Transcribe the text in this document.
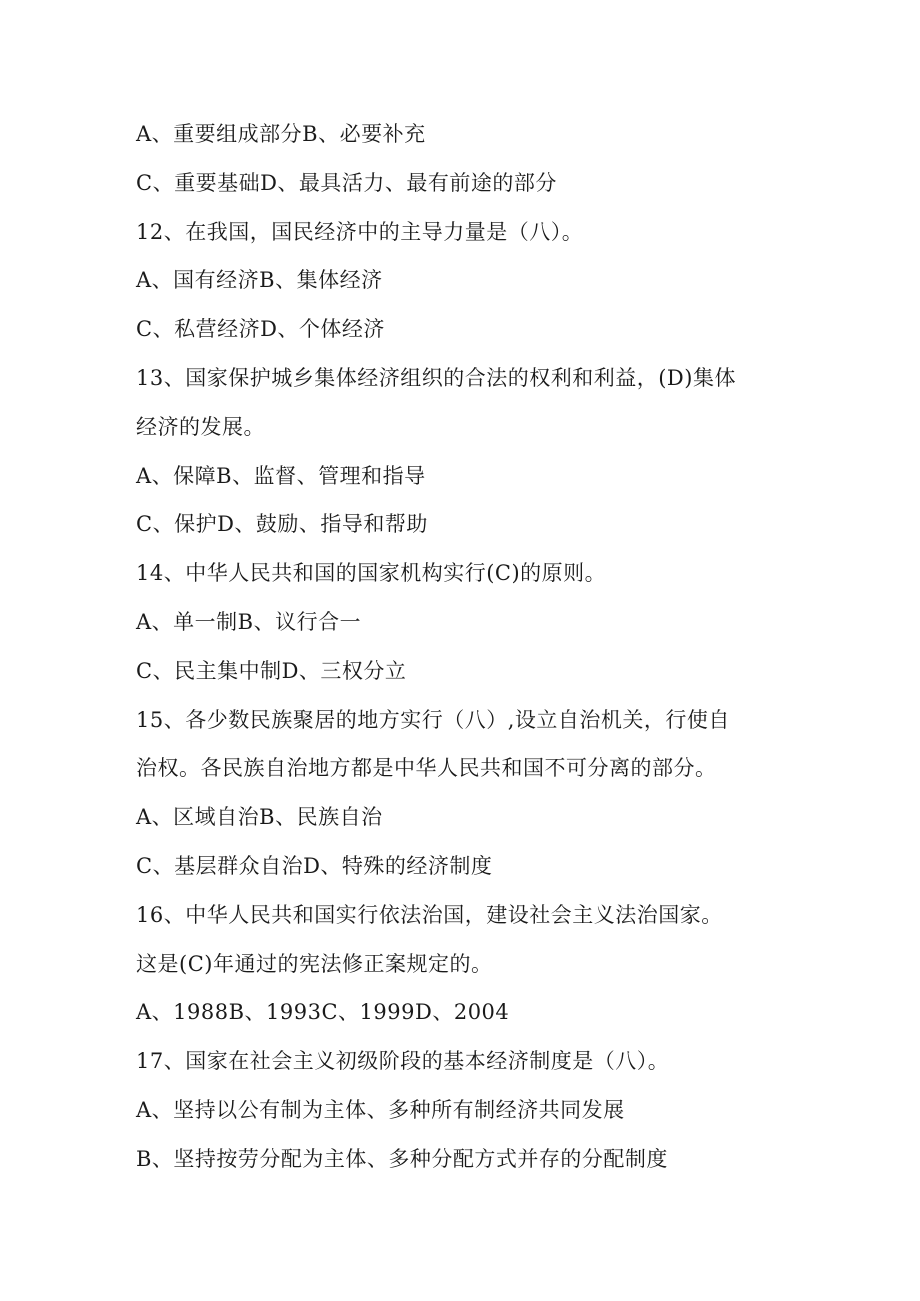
A、重要组成部分B、必要补充
C、重要基础D、最具活力、最有前途的部分
12、在我国，国民经济中的主导力量是（八）。
A、国有经济B、集体经济
C、私营经济D、个体经济
13、国家保护城乡集体经济组织的合法的权利和利益，(D)集体
经济的发展。
A、保障B、监督、管理和指导
C、保护D、鼓励、指导和帮助
14、中华人民共和国的国家机构实行(C)的原则。
A、单一制B、议行合一
C、民主集中制D、三权分立
15、各少数民族聚居的地方实行（八）,设立自治机关，行使自
治权。各民族自治地方都是中华人民共和国不可分离的部分。
A、区域自治B、民族自治
C、基层群众自治D、特殊的经济制度
16、中华人民共和国实行依法治国，建设社会主义法治国家。
这是(C)年通过的宪法修正案规定的。
A、1988B、1993C、1999D、2004
17、国家在社会主义初级阶段的基本经济制度是（八）。
A、坚持以公有制为主体、多种所有制经济共同发展
B、坚持按劳分配为主体、多种分配方式并存的分配制度
